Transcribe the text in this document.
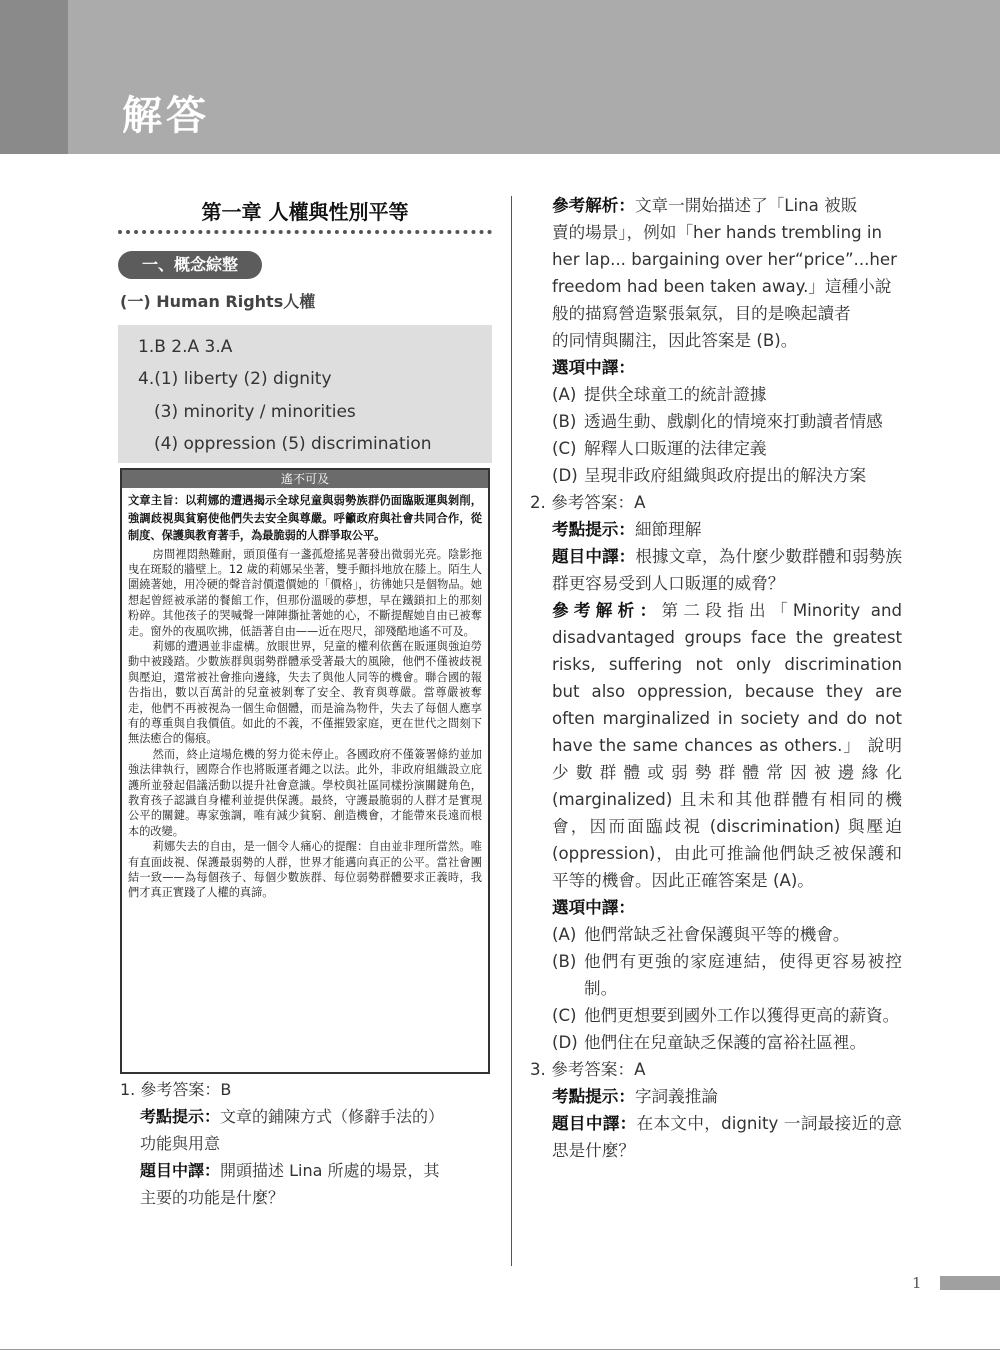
解答
第一章 人權與性別平等
一、概念綜整
(一) Human Rights人權
1.B 2.A 3.A
4.(1) liberty (2) dignity
(3) minority / minorities
(4) oppression (5) discrimination
遙不可及
文章主旨：以莉娜的遭遇揭示全球兒童與弱勢族群仍面臨販運與剝削，強調歧視與貧窮使他們失去安全與尊嚴。呼籲政府與社會共同合作，從制度、保護與教育著手，為最脆弱的人群爭取公平。

房間裡悶熱難耐，頭頂僅有一盞孤燈搖晃著發出微弱光亮。陰影拖曳在斑駁的牆壁上。12 歲的莉娜呆坐著，雙手顫抖地放在膝上。陌生人圍繞著她，用冷硬的聲音討價還價她的「價格」，彷彿她只是個物品。她想起曾經被承諾的餐館工作，但那份溫暖的夢想，早在鐵鎖扣上的那刻粉碎。其他孩子的哭喊聲一陣陣撕扯著她的心，不斷提醒她自由已被奪走。窗外的夜風吹拂，低語著自由——近在咫尺，卻殘酷地遙不可及。

莉娜的遭遇並非虛構。放眼世界，兒童的權利依舊在販運與強迫勞動中被踐踏。少數族群與弱勢群體承受著最大的風險，他們不僅被歧視與壓迫，還常被社會推向邊緣，失去了與他人同等的機會。聯合國的報告指出，數以百萬計的兒童被剝奪了安全、教育與尊嚴。當尊嚴被奪走，他們不再被視為一個生命個體，而是淪為物件，失去了每個人應享有的尊重與自我價值。如此的不義，不僅摧毀家庭，更在世代之間刻下無法癒合的傷痕。

然而，終止這場危機的努力從未停止。各國政府不僅簽署條約並加強法律執行，國際合作也將販運者繩之以法。此外，非政府組織設立庇護所並發起倡議活動以提升社會意識。學校與社區同樣扮演關鍵角色，教育孩子認識自身權利並提供保護。最終，守護最脆弱的人群才是實現公平的關鍵。專家強調，唯有減少貧窮、創造機會，才能帶來長遠而根本的改變。

莉娜失去的自由，是一個令人痛心的提醒：自由並非理所當然。唯有直面歧視、保護最弱勢的人群，世界才能邁向真正的公平。當社會團結一致——為每個孩子、每個少數族群、每位弱勢群體要求正義時，我們才真正實踐了人權的真諦。

1. 參考答案：B
考點提示：文章的鋪陳方式（修辭手法的）
功能與用意
題目中譯：開頭描述 Lina 所處的場景，其
主要的功能是什麼？
參考解析：文章一開始描述了「Lina 被販
賣的場景」，例如「her hands trembling in
her lap... bargaining over her“price”...her
freedom had been taken away.」這種小說
般的描寫營造緊張氣氛，目的是喚起讀者
的同情與關注，因此答案是 (B)。
選項中譯：
(A) 提供全球童工的統計證據
(B) 透過生動、戲劇化的情境來打動讀者情感
(C) 解釋人口販運的法律定義
(D) 呈現非政府組織與政府提出的解決方案
2. 參考答案：A
考點提示：細節理解
題目中譯：根據文章，為什麼少數群體和弱勢族群更容易受到人口販運的威脅？
參考解析：第二段指出「Minority and disadvantaged groups face the greatest risks, suffering not only discrimination but also oppression, because they are often marginalized in society and do not have the same chances as others.」 說明少數群體或弱勢群體常因被邊緣化 (marginalized) 且未和其他群體有相同的機會，因而面臨歧視 (discrimination) 與壓迫 (oppression)，由此可推論他們缺乏被保護和平等的機會。因此正確答案是 (A)。
選項中譯：
(A) 他們常缺乏社會保護與平等的機會。
(B) 他們有更強的家庭連結，使得更容易被控制。
(C) 他們更想要到國外工作以獲得更高的薪資。
(D) 他們住在兒童缺乏保護的富裕社區裡。
3. 參考答案：A
考點提示：字詞義推論
題目中譯：在本文中，dignity 一詞最接近的意思是什麼？
1
